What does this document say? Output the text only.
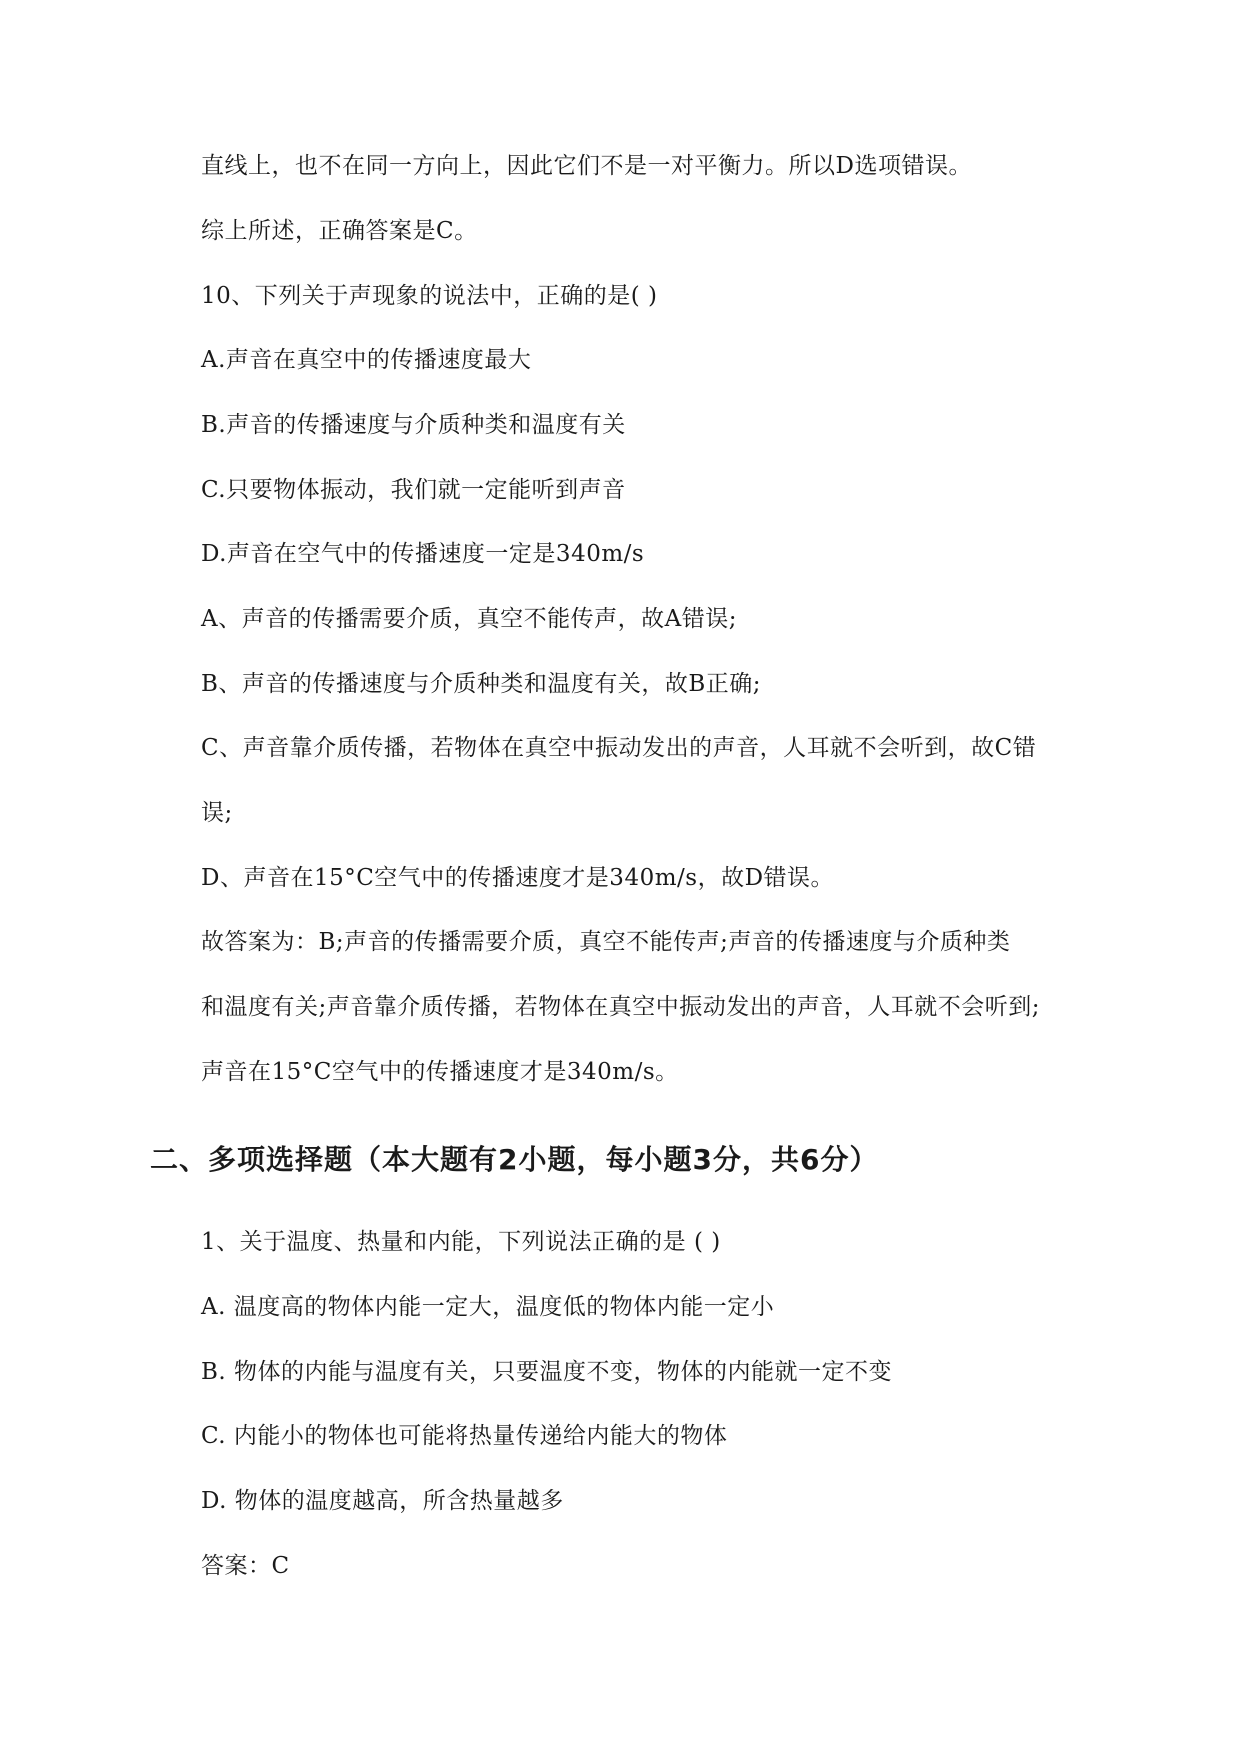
直线上，也不在同一方向上，因此它们不是一对平衡力。所以D选项错误。
综上所述，正确答案是C。
10、下列关于声现象的说法中，正确的是( )
A.声音在真空中的传播速度最大
B.声音的传播速度与介质种类和温度有关
C.只要物体振动，我们就一定能听到声音
D.声音在空气中的传播速度一定是340m/s
A、声音的传播需要介质，真空不能传声，故A错误;
B、声音的传播速度与介质种类和温度有关，故B正确;
C、声音靠介质传播，若物体在真空中振动发出的声音，人耳就不会听到，故C错
误;
D、声音在15°C空气中的传播速度才是340m/s，故D错误。
故答案为：B;声音的传播需要介质，真空不能传声;声音的传播速度与介质种类
和温度有关;声音靠介质传播，若物体在真空中振动发出的声音，人耳就不会听到;
声音在15°C空气中的传播速度才是340m/s。
二、多项选择题（本大题有2小题，每小题3分，共6分）
1、关于温度、热量和内能，下列说法正确的是 ( )
A. 温度高的物体内能一定大，温度低的物体内能一定小
B. 物体的内能与温度有关，只要温度不变，物体的内能就一定不变
C. 内能小的物体也可能将热量传递给内能大的物体
D. 物体的温度越高，所含热量越多
答案：C
